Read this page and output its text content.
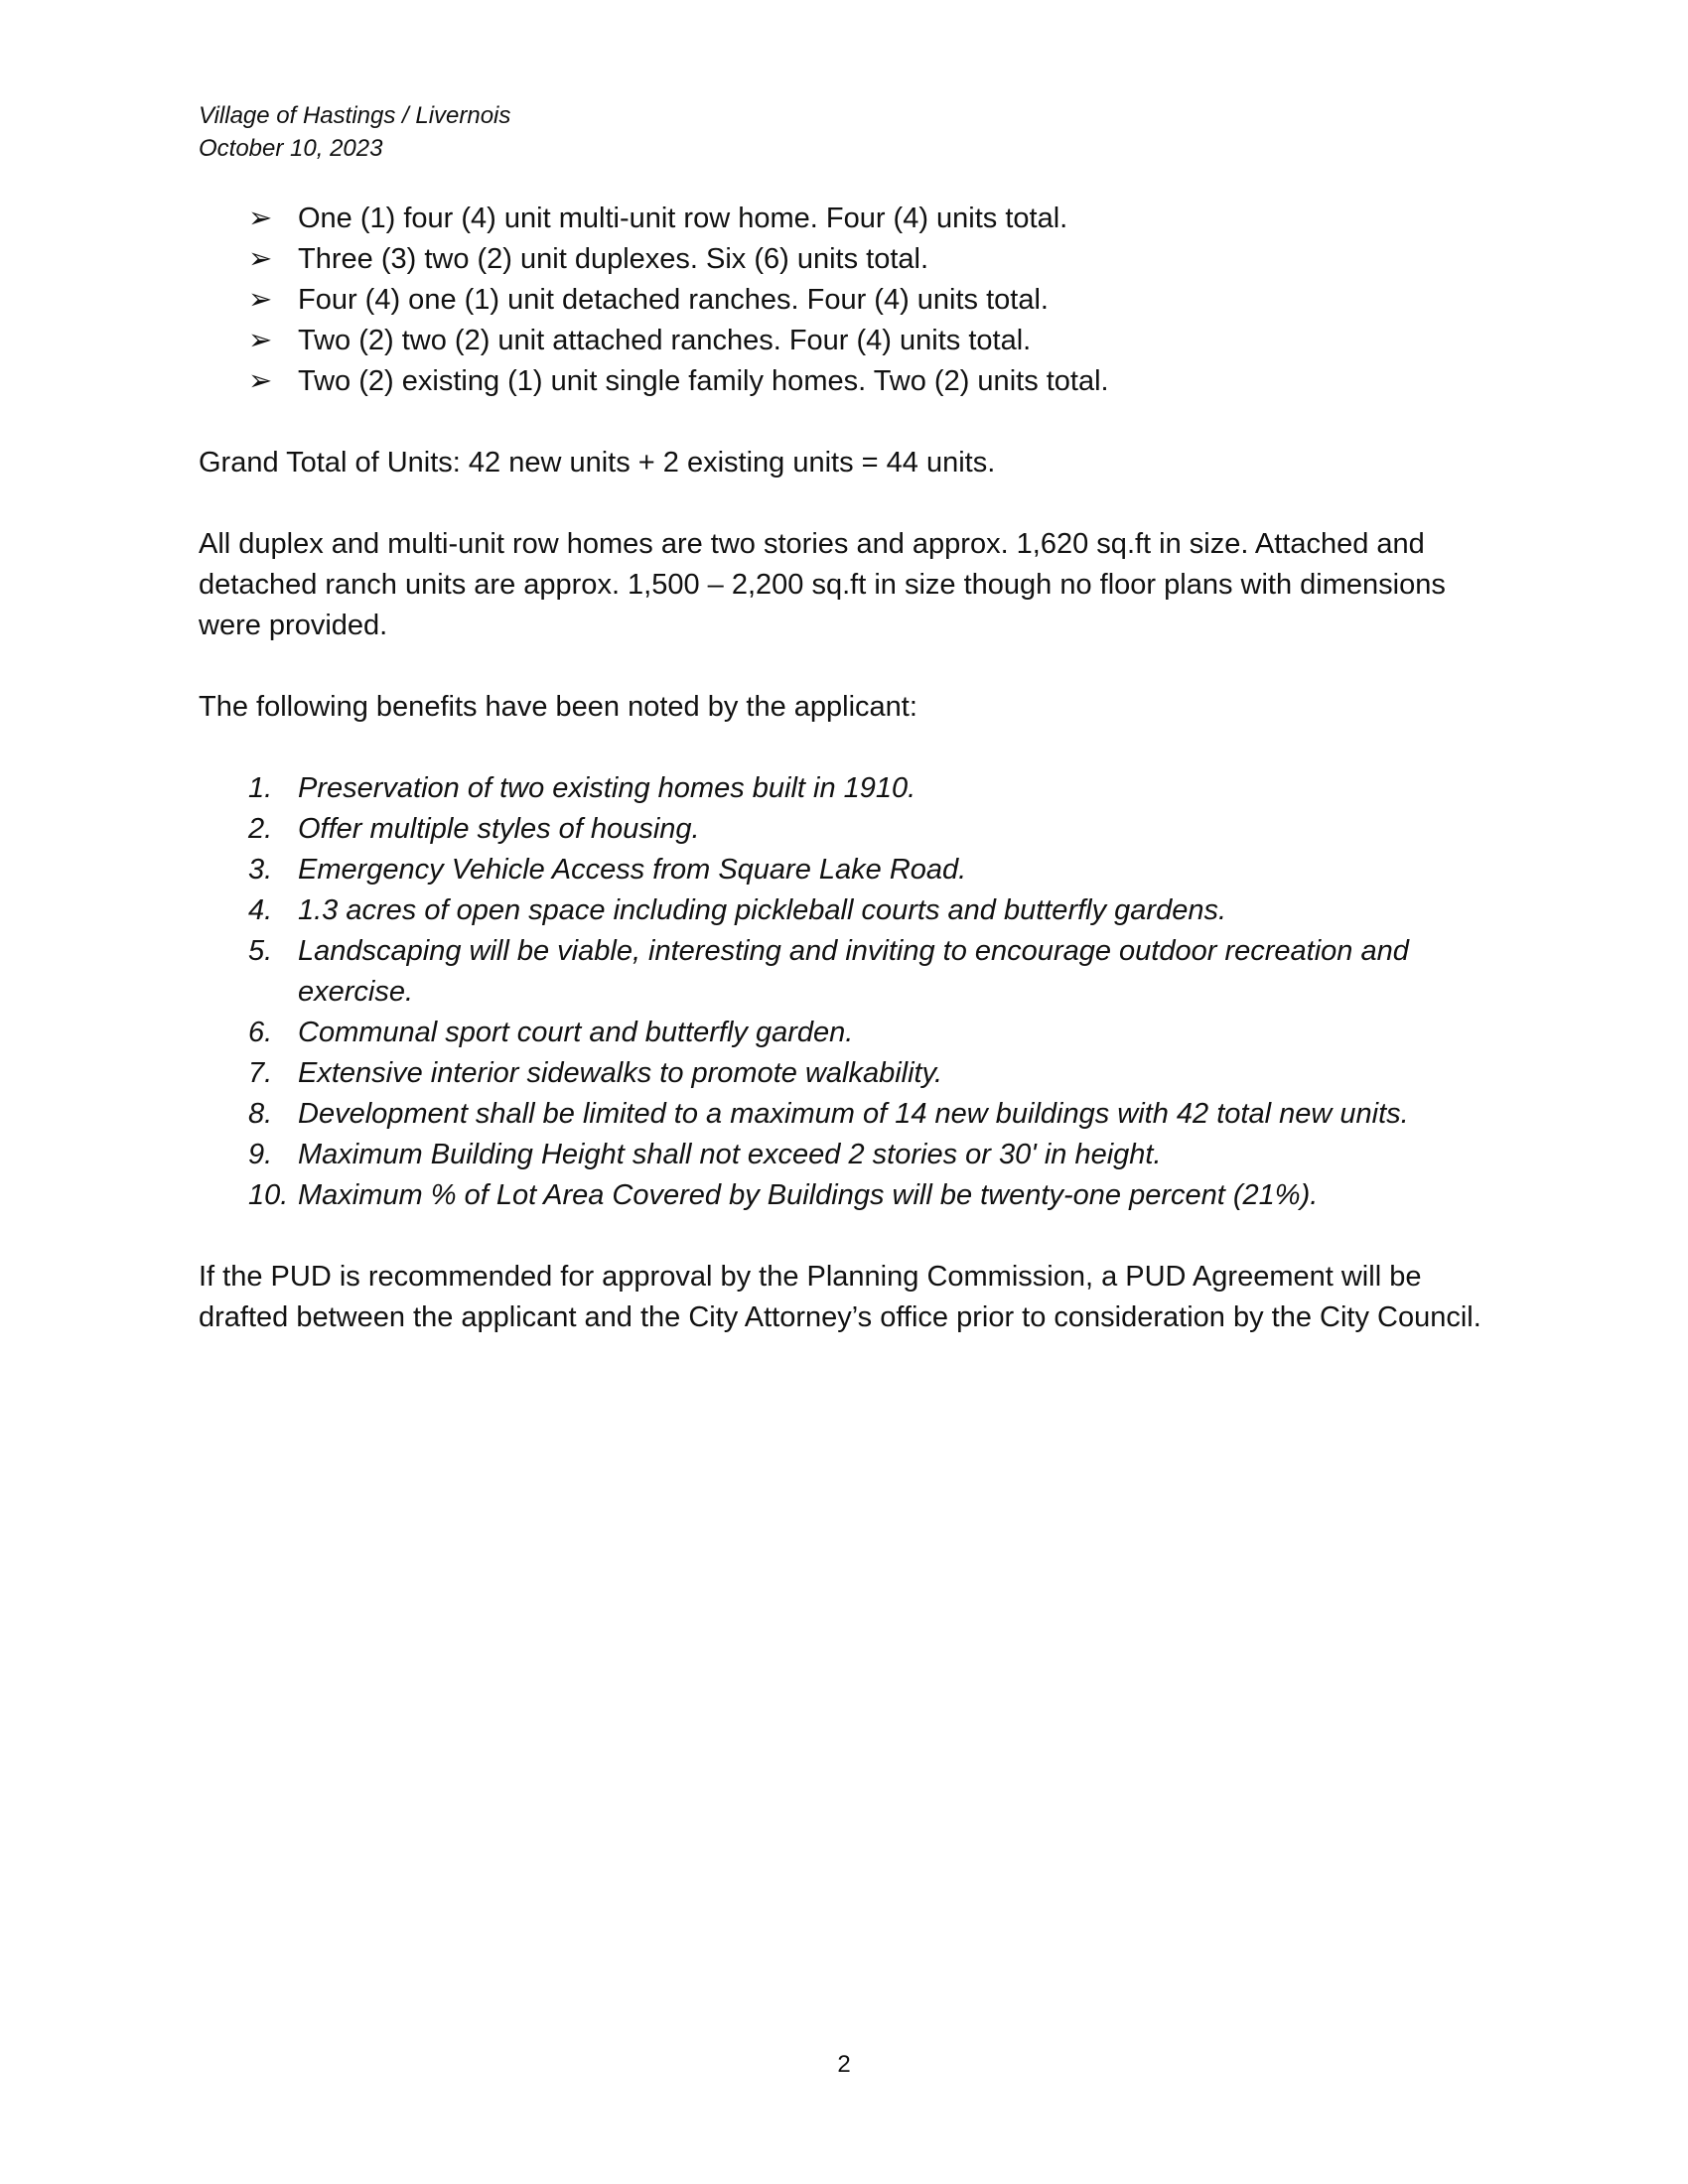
Village of Hastings / Livernois
October 10, 2023
➢ One (1) four (4) unit multi-unit row home. Four (4) units total.
➢ Three (3) two (2) unit duplexes. Six (6) units total.
➢ Four (4) one (1) unit detached ranches. Four (4) units total.
➢ Two (2) two (2) unit attached ranches. Four (4) units total.
➢ Two (2) existing (1) unit single family homes. Two (2) units total.

Grand Total of Units: 42 new units + 2 existing units = 44 units.

All duplex and multi-unit row homes are two stories and approx. 1,620 sq.ft in size. Attached and detached ranch units are approx. 1,500 – 2,200 sq.ft in size though no floor plans with dimensions were provided.

The following benefits have been noted by the applicant:

1. Preservation of two existing homes built in 1910.
2. Offer multiple styles of housing.
3. Emergency Vehicle Access from Square Lake Road.
4. 1.3 acres of open space including pickleball courts and butterfly gardens.
5. Landscaping will be viable, interesting and inviting to encourage outdoor recreation and exercise.
6. Communal sport court and butterfly garden.
7. Extensive interior sidewalks to promote walkability.
8. Development shall be limited to a maximum of 14 new buildings with 42 total new units.
9. Maximum Building Height shall not exceed 2 stories or 30' in height.
10. Maximum % of Lot Area Covered by Buildings will be twenty-one percent (21%).

If the PUD is recommended for approval by the Planning Commission, a PUD Agreement will be drafted between the applicant and the City Attorney’s office prior to consideration by the City Council.

2
